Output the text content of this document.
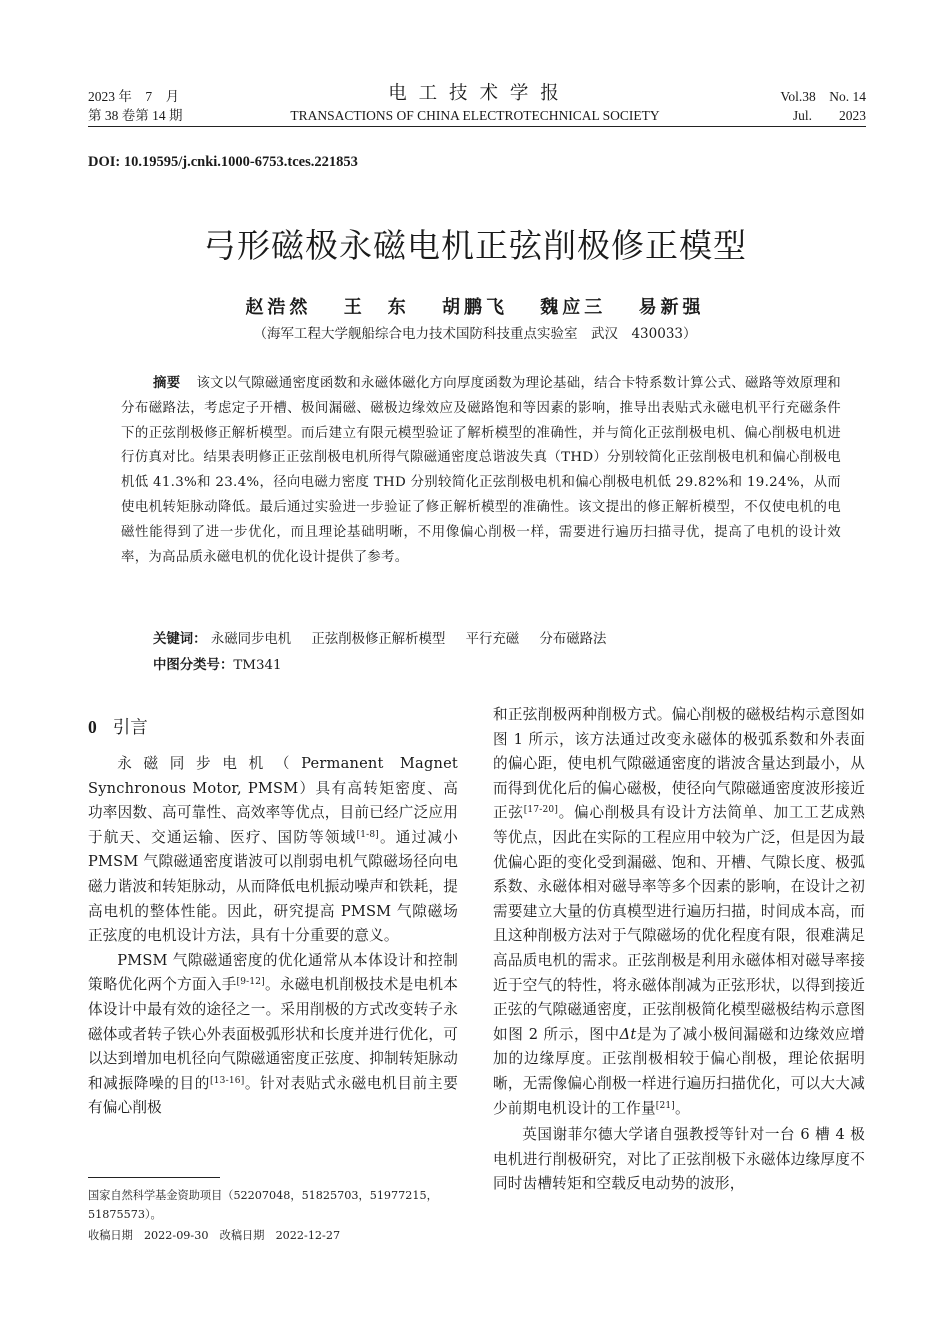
2023 年　7　月
第 38 卷第 14 期
电 工 技 术 学 报
TRANSACTIONS OF CHINA ELECTROTECHNICAL SOCIETY
Vol.38　No. 14
Jul.　　2023
DOI: 10.19595/j.cnki.1000-6753.tces.221853
弓形磁极永磁电机正弦削极修正模型
赵浩然 王　东 胡鹏飞 魏应三 易新强
（海军工程大学舰船综合电力技术国防科技重点实验室　武汉　430033）
摘要 该文以气隙磁通密度函数和永磁体磁化方向厚度函数为理论基础，结合卡特系数计算公式、磁路等效原理和分布磁路法，考虑定子开槽、极间漏磁、磁极边缘效应及磁路饱和等因素的影响，推导出表贴式永磁电机平行充磁条件下的正弦削极修正解析模型。而后建立有限元模型验证了解析模型的准确性，并与简化正弦削极电机、偏心削极电机进行仿真对比。结果表明修正正弦削极电机所得气隙磁通密度总谐波失真（THD）分别较简化正弦削极电机和偏心削极电机低 41.3%和 23.4%，径向电磁力密度 THD 分别较简化正弦削极电机和偏心削极电机低 29.82%和 19.24%，从而使电机转矩脉动降低。最后通过实验进一步验证了修正解析模型的准确性。该文提出的修正解析模型，不仅使电机的电磁性能得到了进一步优化，而且理论基础明晰，不用像偏心削极一样，需要进行遍历扫描寻优，提高了电机的设计效率，为高品质永磁电机的优化设计提供了参考。
关键词： 永磁同步电机 正弦削极修正解析模型 平行充磁 分布磁路法
中图分类号：TM341
0 引言

永磁同步电机（Permanent Magnet Synchronous Motor, PMSM）具有高转矩密度、高功率因数、高可靠性、高效率等优点，目前已经广泛应用于航天、交通运输、医疗、国防等领域[1-8]。通过减小 PMSM 气隙磁通密度谐波可以削弱电机气隙磁场径向电磁力谐波和转矩脉动，从而降低电机振动噪声和铁耗，提高电机的整体性能。因此，研究提高 PMSM 气隙磁场正弦度的电机设计方法，具有十分重要的意义。

PMSM 气隙磁通密度的优化通常从本体设计和控制策略优化两个方面入手[9-12]。永磁电机削极技术是电机本体设计中最有效的途径之一。采用削极的方式改变转子永磁体或者转子铁心外表面极弧形状和长度并进行优化，可以达到增加电机径向气隙磁通密度正弦度、抑制转矩脉动和减振降噪的目的[13-16]。针对表贴式永磁电机目前主要有偏心削极

和正弦削极两种削极方式。偏心削极的磁极结构示意图如图 1 所示，该方法通过改变永磁体的极弧系数和外表面的偏心距，使电机气隙磁通密度的谐波含量达到最小，从而得到优化后的偏心磁极，使径向气隙磁通密度波形接近正弦[17-20]。偏心削极具有设计方法简单、加工工艺成熟等优点，因此在实际的工程应用中较为广泛，但是因为最优偏心距的变化受到漏磁、饱和、开槽、气隙长度、极弧系数、永磁体相对磁导率等多个因素的影响，在设计之初需要建立大量的仿真模型进行遍历扫描，时间成本高，而且这种削极方法对于气隙磁场的优化程度有限，很难满足高品质电机的需求。正弦削极是利用永磁体相对磁导率接近于空气的特性，将永磁体削减为正弦形状，以得到接近正弦的气隙磁通密度，正弦削极简化模型磁极结构示意图如图 2 所示，图中Δt是为了减小极间漏磁和边缘效应增加的边缘厚度。正弦削极相较于偏心削极，理论依据明晰，无需像偏心削极一样进行遍历扫描优化，可以大大减少前期电机设计的工作量[21]。

英国谢菲尔德大学诸自强教授等针对一台 6 槽 4 极电机进行削极研究，对比了正弦削极下永磁体边缘厚度不同时齿槽转矩和空载反电动势的波形，

国家自然科学基金资助项目（52207048，51825703，51977215，51875573）。
收稿日期　2022-09-30　改稿日期　2022-12-27
